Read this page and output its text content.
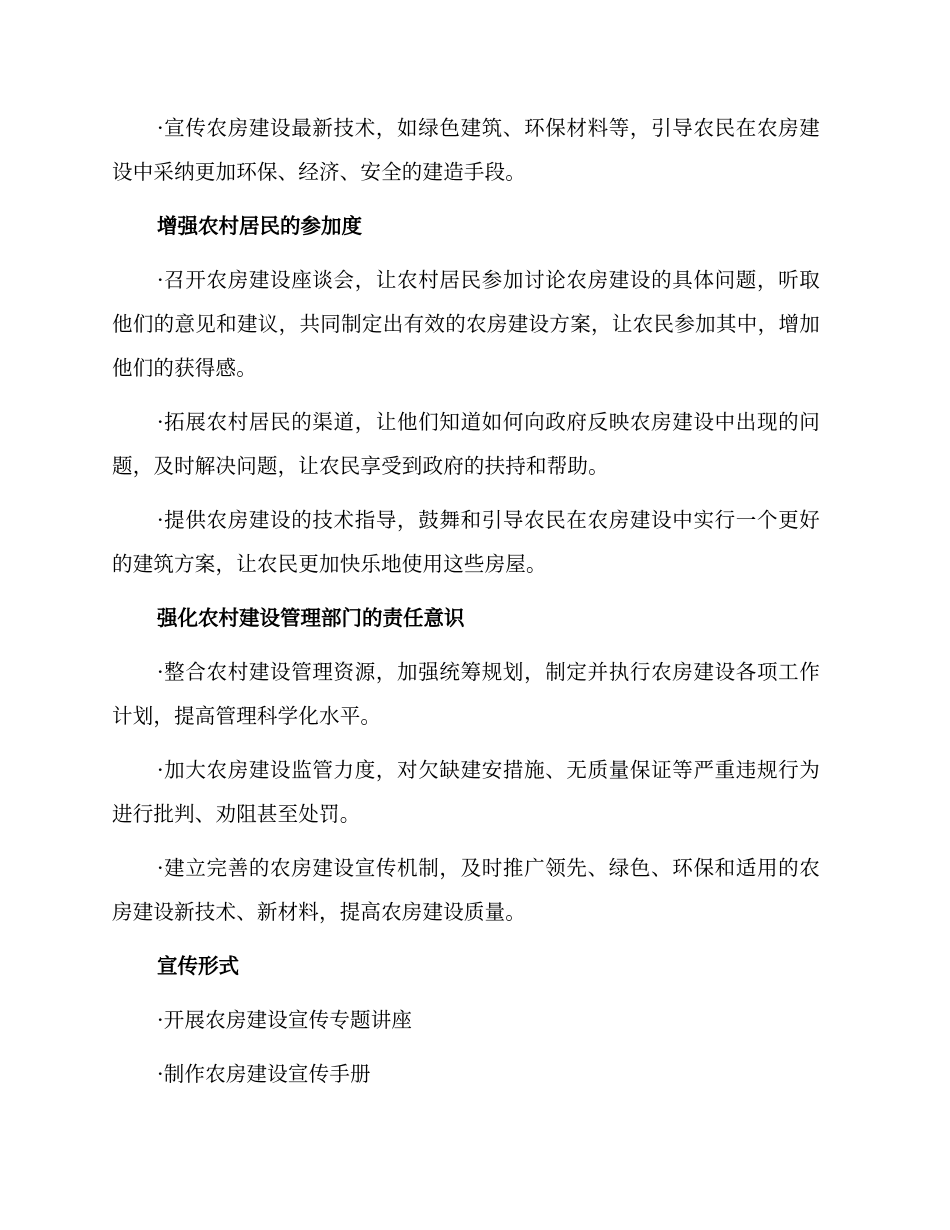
·宣传农房建设最新技术，如绿色建筑、环保材料等，引导农民在农房建设中采纳更加环保、经济、安全的建造手段。

增强农村居民的参加度

·召开农房建设座谈会，让农村居民参加讨论农房建设的具体问题，听取他们的意见和建议，共同制定出有效的农房建设方案，让农民参加其中，增加他们的获得感。

·拓展农村居民的渠道，让他们知道如何向政府反映农房建设中出现的问题，及时解决问题，让农民享受到政府的扶持和帮助。

·提供农房建设的技术指导，鼓舞和引导农民在农房建设中实行一个更好的建筑方案，让农民更加快乐地使用这些房屋。

强化农村建设管理部门的责任意识

·整合农村建设管理资源，加强统筹规划，制定并执行农房建设各项工作计划，提高管理科学化水平。

·加大农房建设监管力度，对欠缺建安措施、无质量保证等严重违规行为进行批判、劝阻甚至处罚。

·建立完善的农房建设宣传机制，及时推广领先、绿色、环保和适用的农房建设新技术、新材料，提高农房建设质量。

宣传形式

·开展农房建设宣传专题讲座

·制作农房建设宣传手册
